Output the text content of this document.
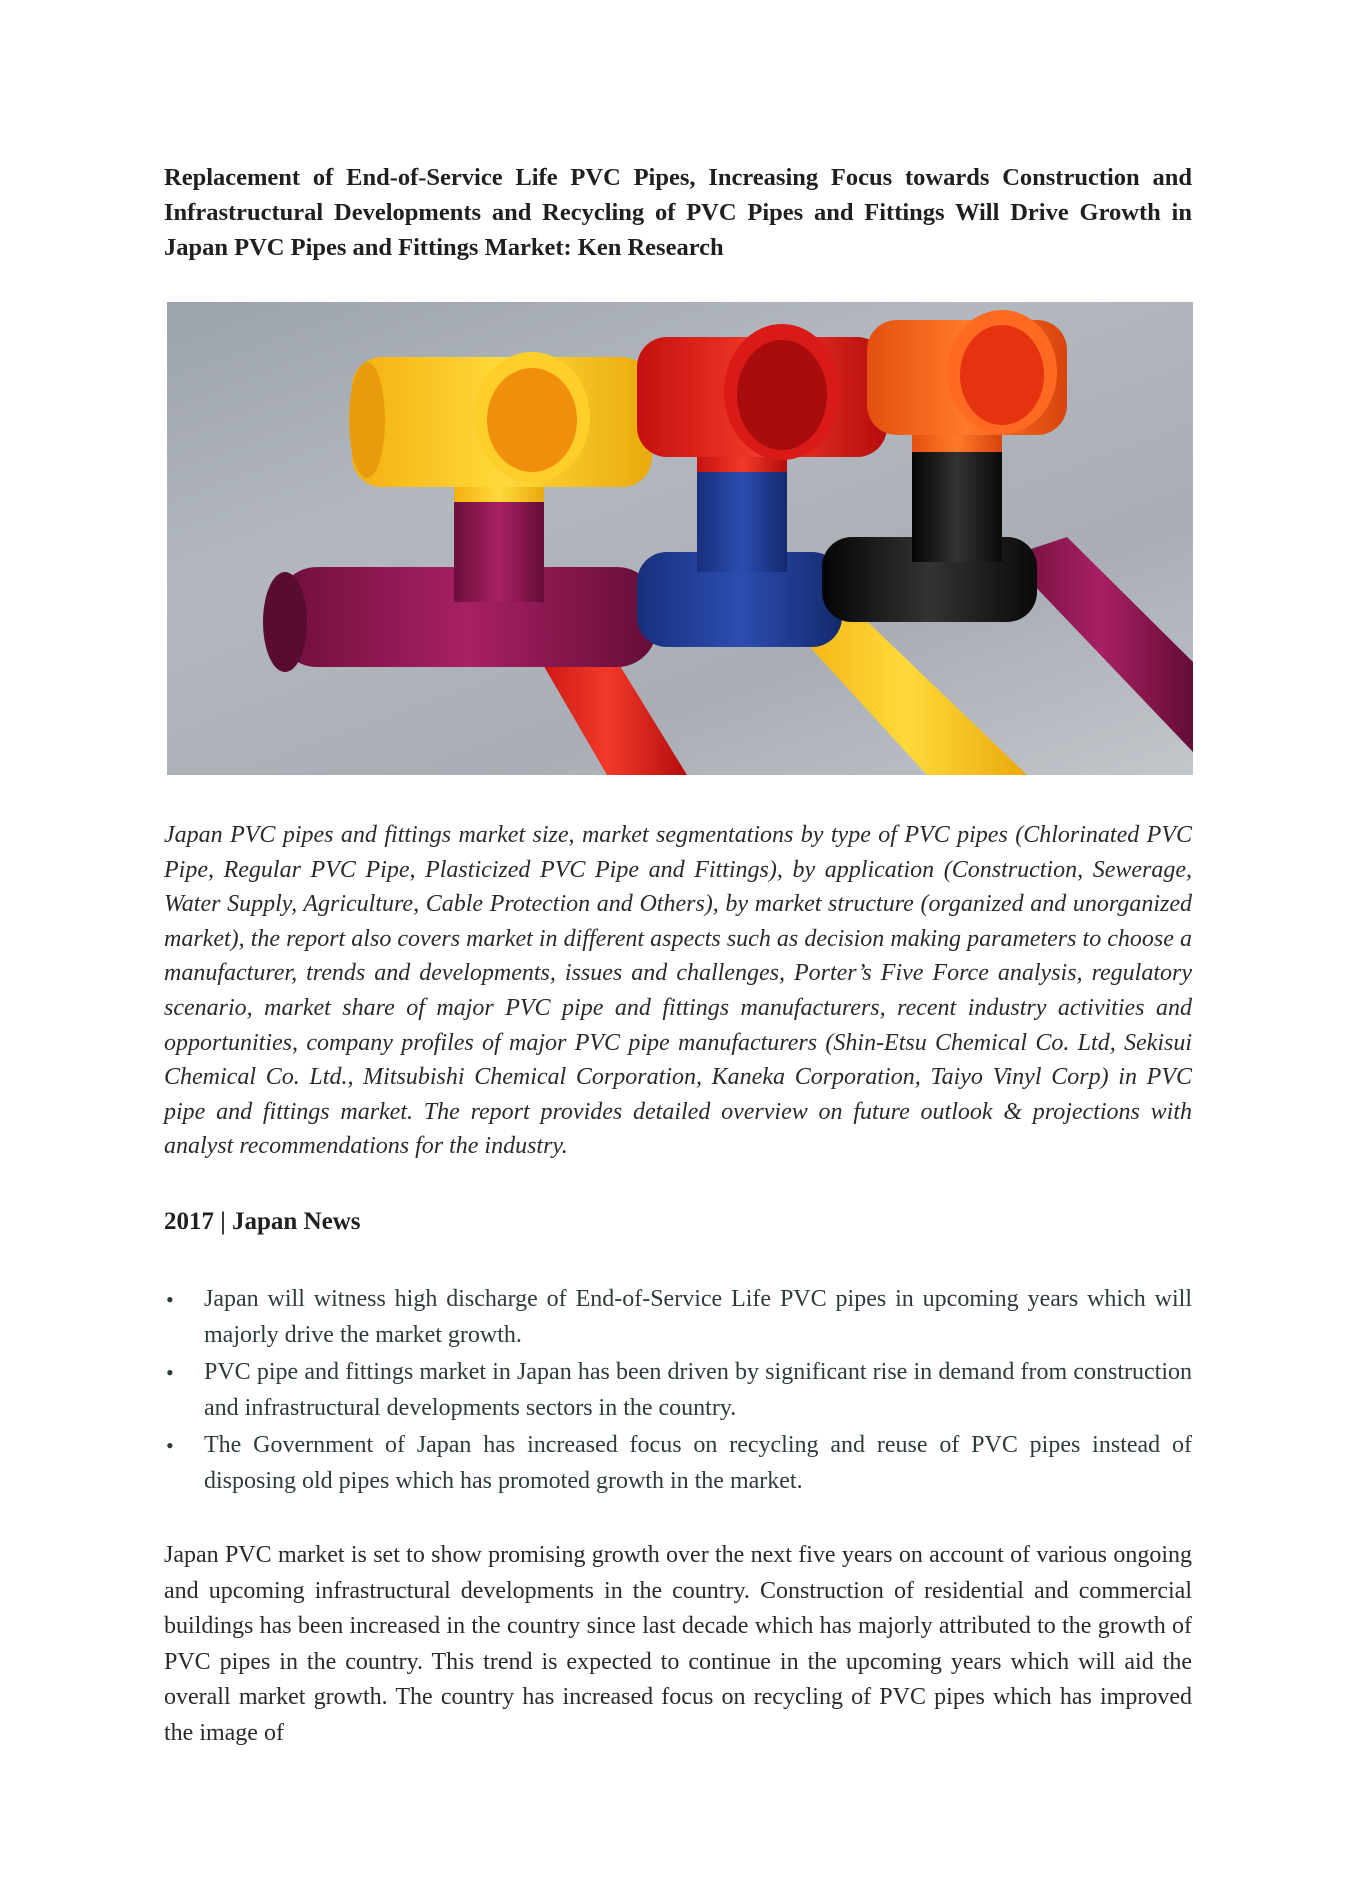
Replacement of End-of-Service Life PVC Pipes, Increasing Focus towards Construction and Infrastructural Developments and Recycling of PVC Pipes and Fittings Will Drive Growth in Japan PVC Pipes and Fittings Market: Ken Research

Japan PVC pipes and fittings market size, market segmentations by type of PVC pipes (Chlorinated PVC Pipe, Regular PVC Pipe, Plasticized PVC Pipe and Fittings), by application (Construction, Sewerage, Water Supply, Agriculture, Cable Protection and Others), by market structure (organized and unorganized market), the report also covers market in different aspects such as decision making parameters to choose a manufacturer, trends and developments, issues and challenges, Porter’s Five Force analysis, regulatory scenario, market share of major PVC pipe and fittings manufacturers, recent industry activities and opportunities, company profiles of major PVC pipe manufacturers (Shin-Etsu Chemical Co. Ltd, Sekisui Chemical Co. Ltd., Mitsubishi Chemical Corporation, Kaneka Corporation, Taiyo Vinyl Corp) in PVC pipe and fittings market. The report provides detailed overview on future outlook & projections with analyst recommendations for the industry.

2017 | Japan News
• Japan will witness high discharge of End-of-Service Life PVC pipes in upcoming years which will majorly drive the market growth.
• PVC pipe and fittings market in Japan has been driven by significant rise in demand from construction and infrastructural developments sectors in the country.
• The Government of Japan has increased focus on recycling and reuse of PVC pipes instead of disposing old pipes which has promoted growth in the market.

Japan PVC market is set to show promising growth over the next five years on account of various ongoing and upcoming infrastructural developments in the country. Construction of residential and commercial buildings has been increased in the country since last decade which has majorly attributed to the growth of PVC pipes in the country. This trend is expected to continue in the upcoming years which will aid the overall market growth. The country has increased focus on recycling of PVC pipes which has improved the image of
